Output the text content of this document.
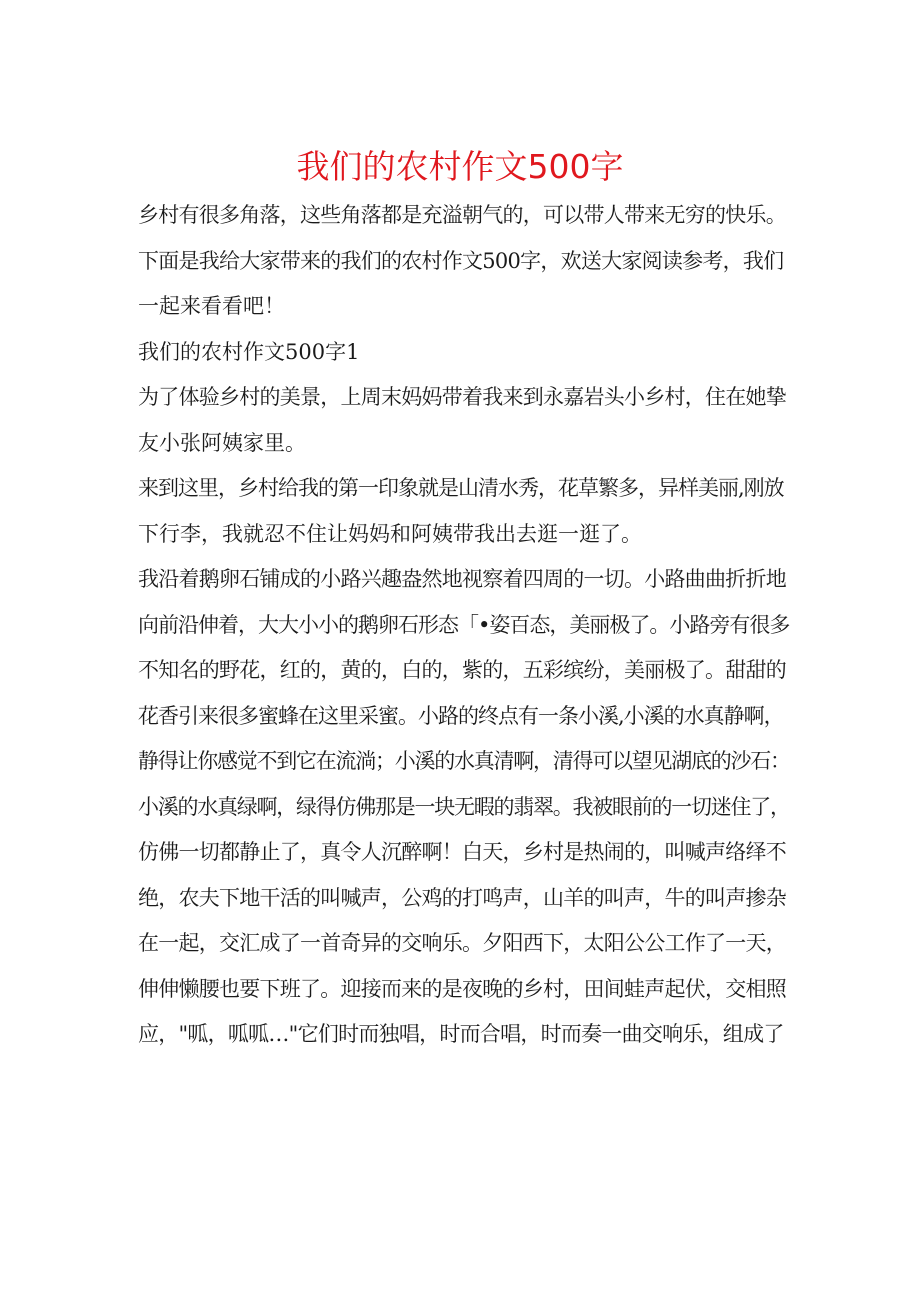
我们的农村作文500字
乡村有很多角落，这些角落都是充溢朝气的，可以带人带来无穷的快乐。
下面是我给大家带来的我们的农村作文500字，欢送大家阅读参考，我们
一起来看看吧！
我们的农村作文500字1
为了体验乡村的美景，上周末妈妈带着我来到永嘉岩头小乡村，住在她挚
友小张阿姨家里。
来到这里，乡村给我的第一印象就是山清水秀，花草繁多，异样美丽,刚放
下行李，我就忍不住让妈妈和阿姨带我出去逛一逛了。
我沿着鹅卵石铺成的小路兴趣盎然地视察着四周的一切。小路曲曲折折地
向前沿伸着，大大小小的鹅卵石形态「•姿百态，美丽极了。小路旁有很多
不知名的野花，红的，黄的，白的，紫的，五彩缤纷，美丽极了。甜甜的
花香引来很多蜜蜂在这里采蜜。小路的终点有一条小溪,小溪的水真静啊，
静得让你感觉不到它在流淌；小溪的水真清啊，清得可以望见湖底的沙石：
小溪的水真绿啊，绿得仿佛那是一块无暇的翡翠。我被眼前的一切迷住了，
仿佛一切都静止了，真令人沉醉啊！白天，乡村是热闹的，叫喊声络绎不
绝，农夫下地干活的叫喊声，公鸡的打鸣声，山羊的叫声，牛的叫声掺杂
在一起，交汇成了一首奇异的交响乐。夕阳西下，太阳公公工作了一天，
伸伸懒腰也要下班了。迎接而来的是夜晚的乡村，田间蛙声起伏，交相照
应，"呱，呱呱…"它们时而独唱，时而合唱，时而奏一曲交响乐，组成了
